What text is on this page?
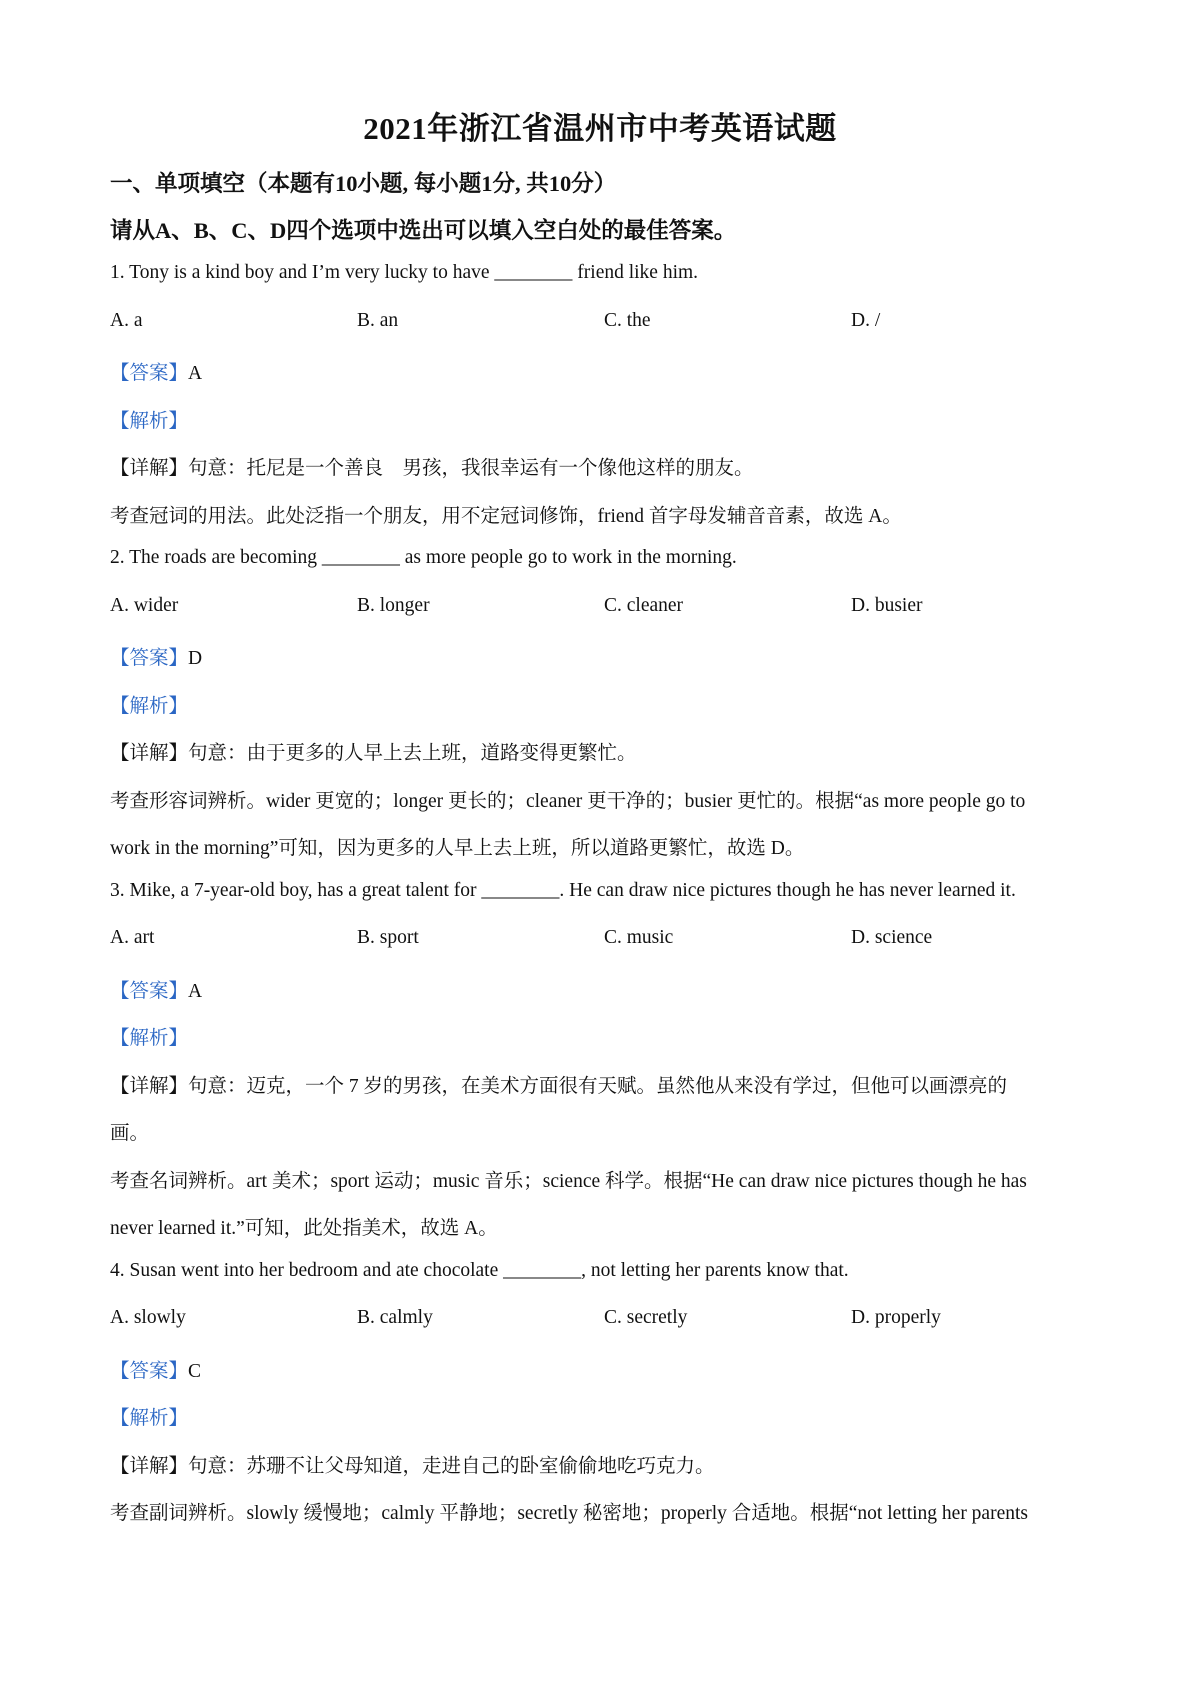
2021年浙江省温州市中考英语试题
一、单项填空（本题有10小题, 每小题1分, 共10分）
请从A、B、C、D四个选项中选出可以填入空白处的最佳答案。
1. Tony is a kind boy and I’m very lucky to have ________ friend like him.
A. a	B. an	C. the	D. /
【答案】A
【解析】
【详解】句意：托尼是一个善良　男孩，我很幸运有一个像他这样的朋友。
考查冠词的用法。此处泛指一个朋友，用不定冠词修饰，friend 首字母发辅音音素，故选 A。
2. The roads are becoming ________ as more people go to work in the morning.
A. wider	B. longer	C. cleaner	D. busier
【答案】D
【解析】
【详解】句意：由于更多的人早上去上班，道路变得更繁忙。
考查形容词辨析。wider 更宽的；longer 更长的；cleaner 更干净的；busier 更忙的。根据“as more people go to
work in the morning”可知，因为更多的人早上去上班，所以道路更繁忙，故选 D。
3. Mike, a 7-year-old boy, has a great talent for ________. He can draw nice pictures though he has never learned it.
A. art	B. sport	C. music	D. science
【答案】A
【解析】
【详解】句意：迈克，一个 7 岁的男孩，在美术方面很有天赋。虽然他从来没有学过，但他可以画漂亮的
画。
考查名词辨析。art 美术；sport 运动；music 音乐；science 科学。根据“He can draw nice pictures though he has
never learned it.”可知，此处指美术，故选 A。
4. Susan went into her bedroom and ate chocolate ________, not letting her parents know that.
A. slowly	B. calmly	C. secretly	D. properly
【答案】C
【解析】
【详解】句意：苏珊不让父母知道，走进自己的卧室偷偷地吃巧克力。
考查副词辨析。slowly 缓慢地；calmly 平静地；secretly 秘密地；properly 合适地。根据“not letting her parents
